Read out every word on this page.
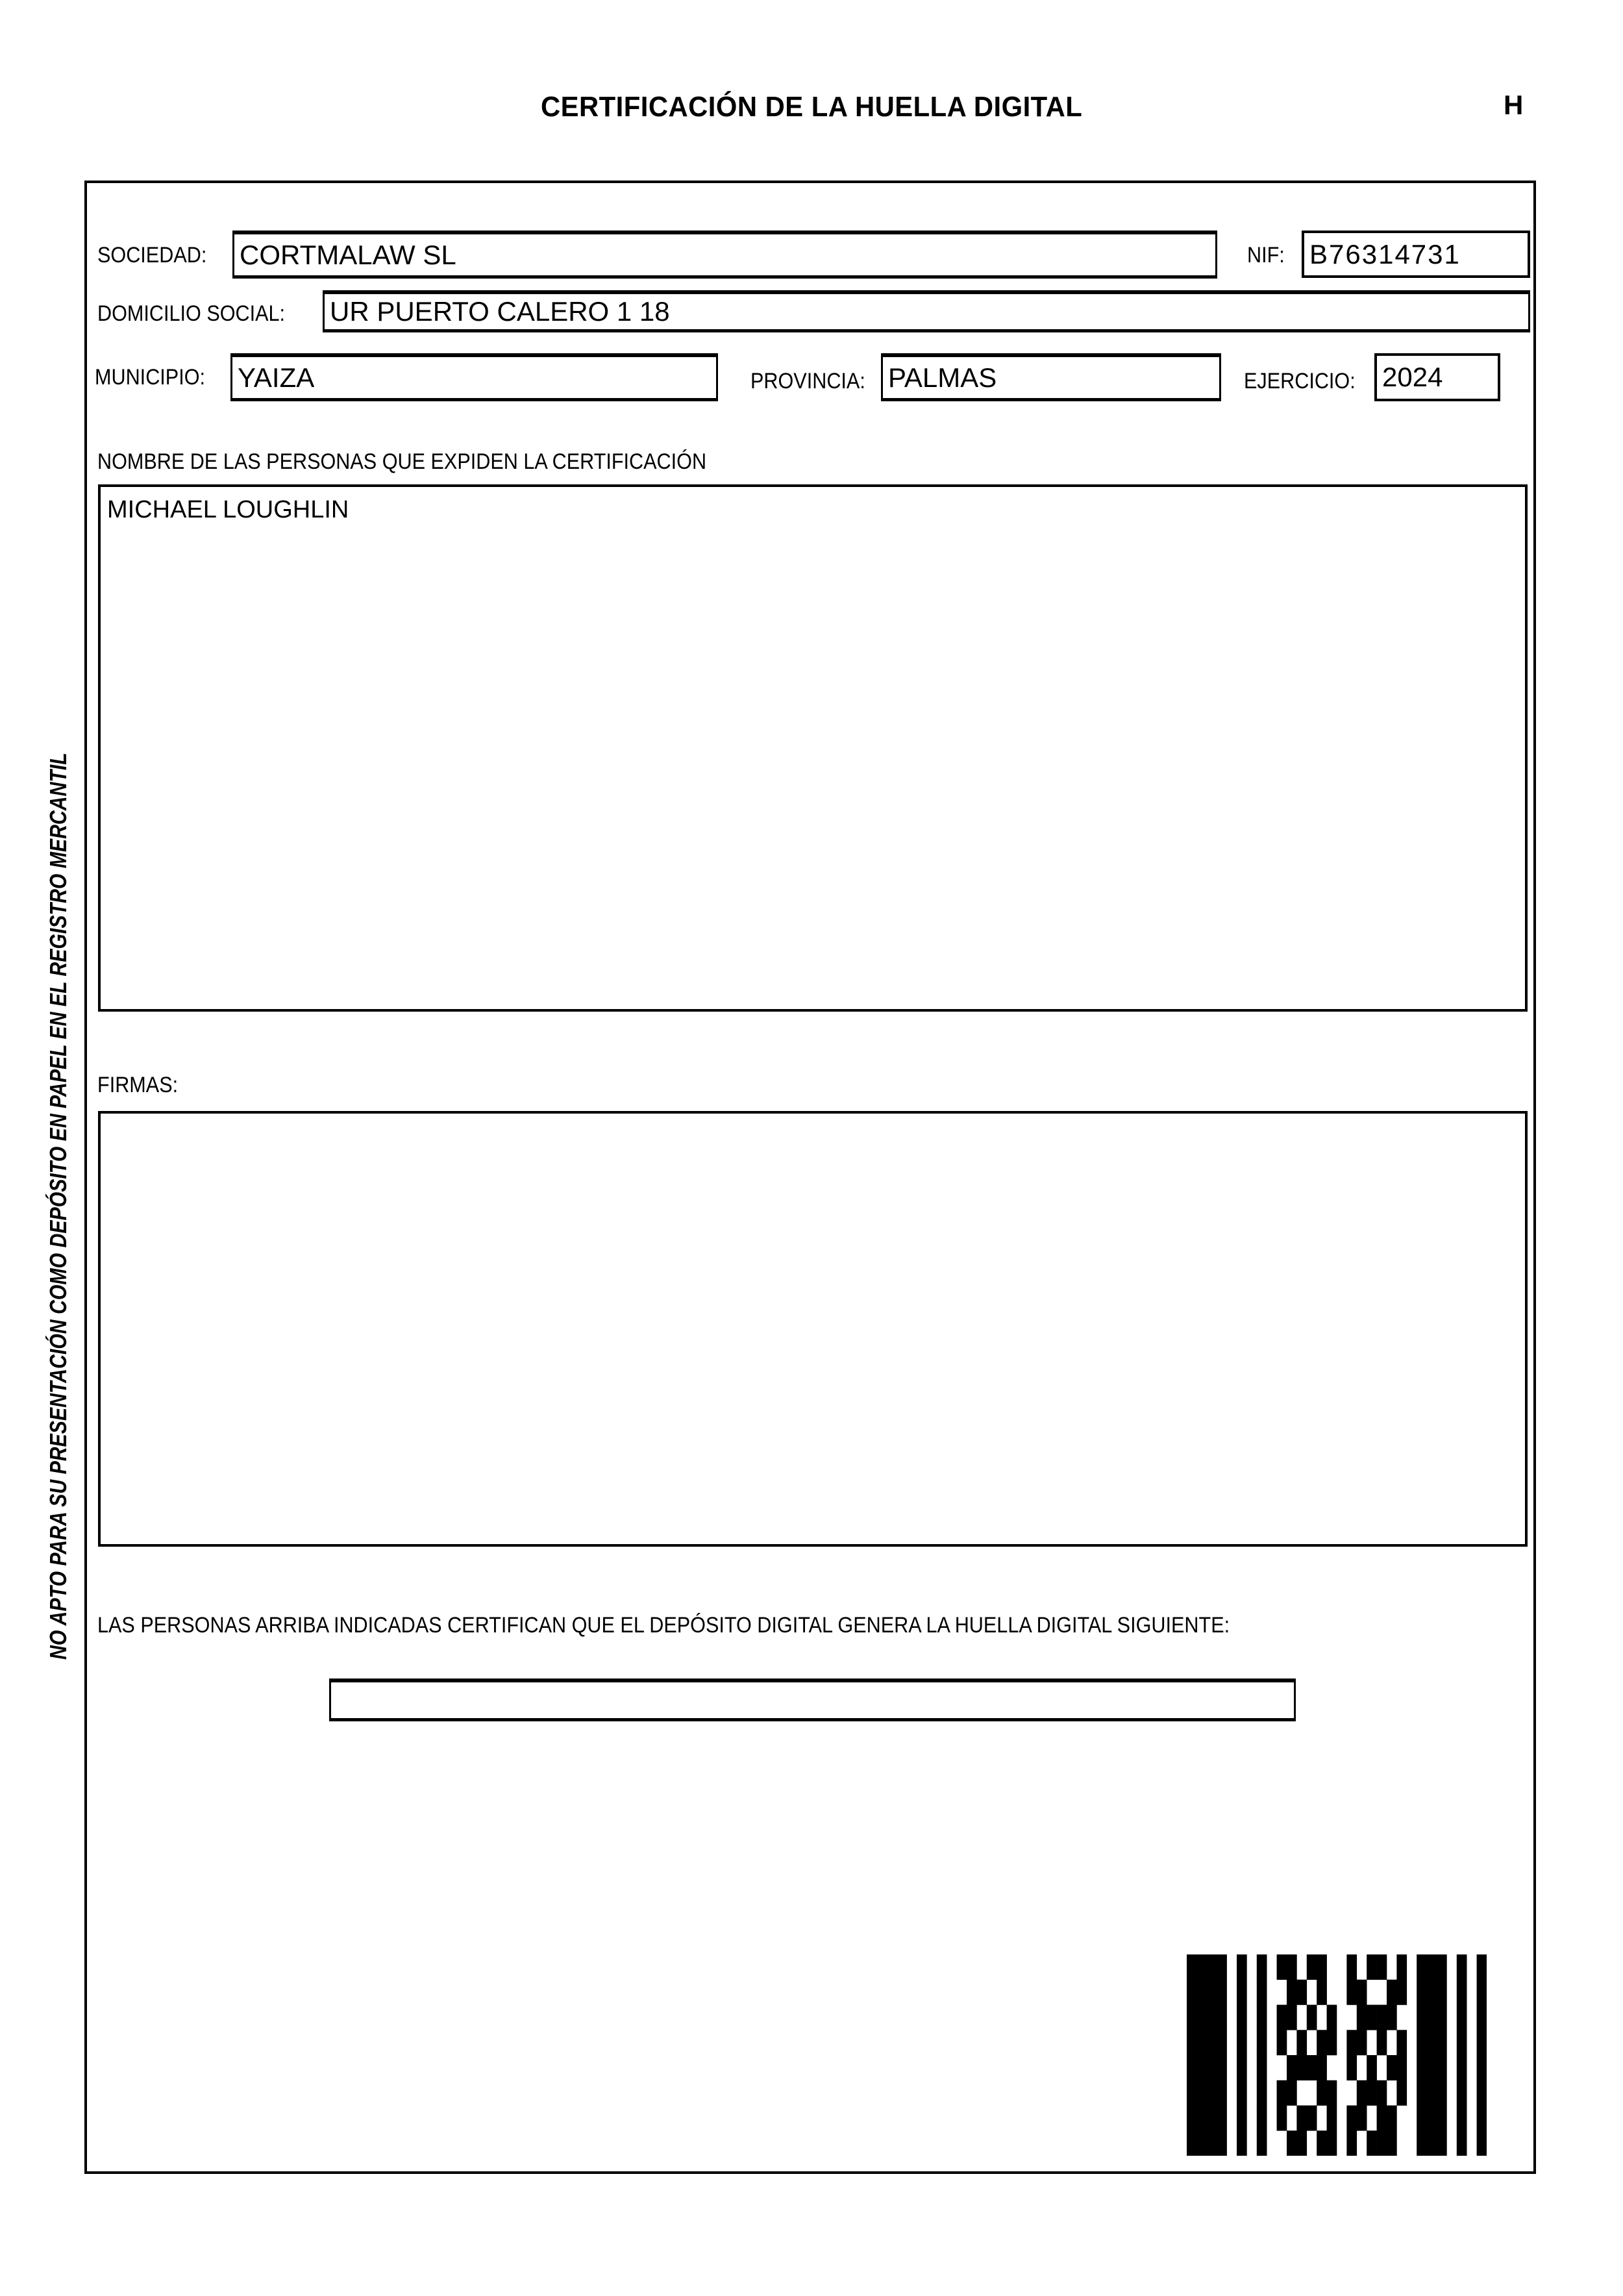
CERTIFICACIÓN DE LA HUELLA DIGITAL	H
NO APTO PARA SU PRESENTACIÓN COMO DEPÓSITO EN PAPEL EN EL REGISTRO MERCANTIL
SOCIEDAD:	CORTMALAW SL	NIF: B76314731
DOMICILIO SOCIAL:	UR PUERTO CALERO 1 18
MUNICIPIO:	YAIZA	PROVINCIA: PALMAS	EJERCICIO: 2024
NOMBRE DE LAS PERSONAS QUE EXPIDEN LA CERTIFICACIÓN
MICHAEL LOUGHLIN
FIRMAS:
LAS PERSONAS ARRIBA INDICADAS CERTIFICAN QUE EL DEPÓSITO DIGITAL GENERA LA HUELLA DIGITAL SIGUIENTE:
